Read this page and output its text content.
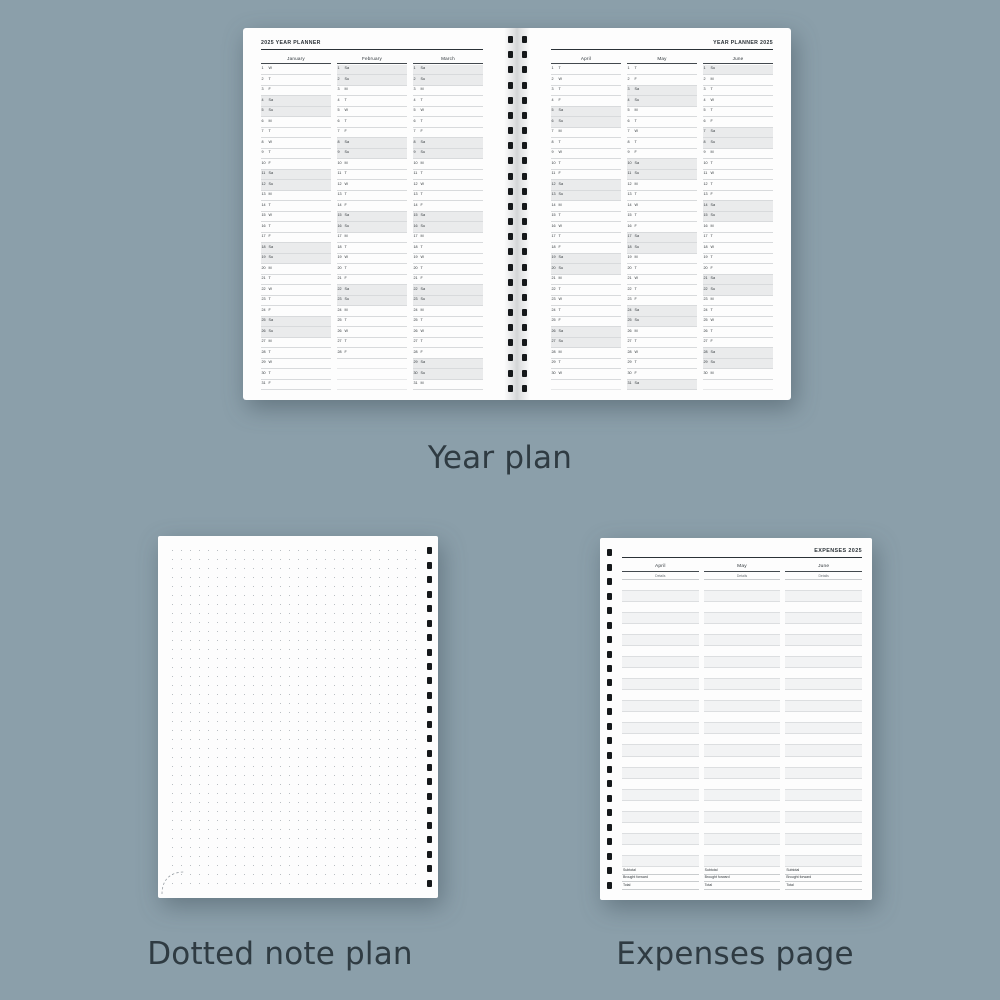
2025 YEAR PLANNER
January
1	W
2	T
3	F
4	Sa
5	Su
6	M
7	T
8	W
9	T
10 F
11 Sa
12 Su
13 M
14 T
15 W
16 T
17 F
18 Sa
19 Su
20 M
21 T
22 W
23 T
24 F
25 Sa
26 Su
27 M
28 T
29 W
30 T
31 F
February
1	Sa
2	Su
3	M
4	T
5	W
6	T
7	F
8	Sa
9	Su
10 M
11 T
12 W
13 T
14 F
15 Sa
16 Su
17 M
18 T
19 W
20 T
21 F
22 Sa
23 Su
24 M
25 T
26 W
27 T
28 F
March
1	Sa
2	Su
3	M
4	T
5	W
6	T
7	F
8	Sa
9	Su
10 M
11 T
12 W
13 T
14 F
15 Sa
16 Su
17 M
18 T
19 W
20 T
21 F
22 Sa
23 Su
24 M
25 T
26 W
27 T
28 F
29 Sa
30 Su
31 M
YEAR PLANNER 2025
April
1	T
2	W
3	T
4	F
5	Sa
6	Su
7	M
8	T
9	W
10 T
11 F
12 Sa
13 Su
14 M
15 T
16 W
17 T
18 F
19 Sa
20 Su
21 M
22 T
23 W
24 T
25 F
26 Sa
27 Su
28 M
29 T
30 W
May
1	T
2	F
3	Sa
4	Su
5	M
6	T
7	W
8	T
9	F
10 Sa
11 Su
12 M
13 T
14 W
15 T
16 F
17 Sa
18 Su
19 M
20 T
21 W
22 T
23 F
24 Sa
25 Su
26 M
27 T
28 W
29 T
30 F
31 Sa
June
1	Su
2	M
3	T
4	W
5	T
6	F
7	Sa
8	Su
9	M
10 T
11 W
12 T
13 F
14 Sa
15 Su
16 M
17 T
18 W
19 T
20 F
21 Sa
22 Su
23 M
24 T
25 W
26 T
27 F
28 Sa
29 Su
30 M
Year plan
Dotted note plan
EXPENSES 2025
April
Details
Subtotal
Brought forward
Total
May
Details
Subtotal
Brought forward
Total
June
Details
Subtotal
Brought forward
Total
Expenses page
